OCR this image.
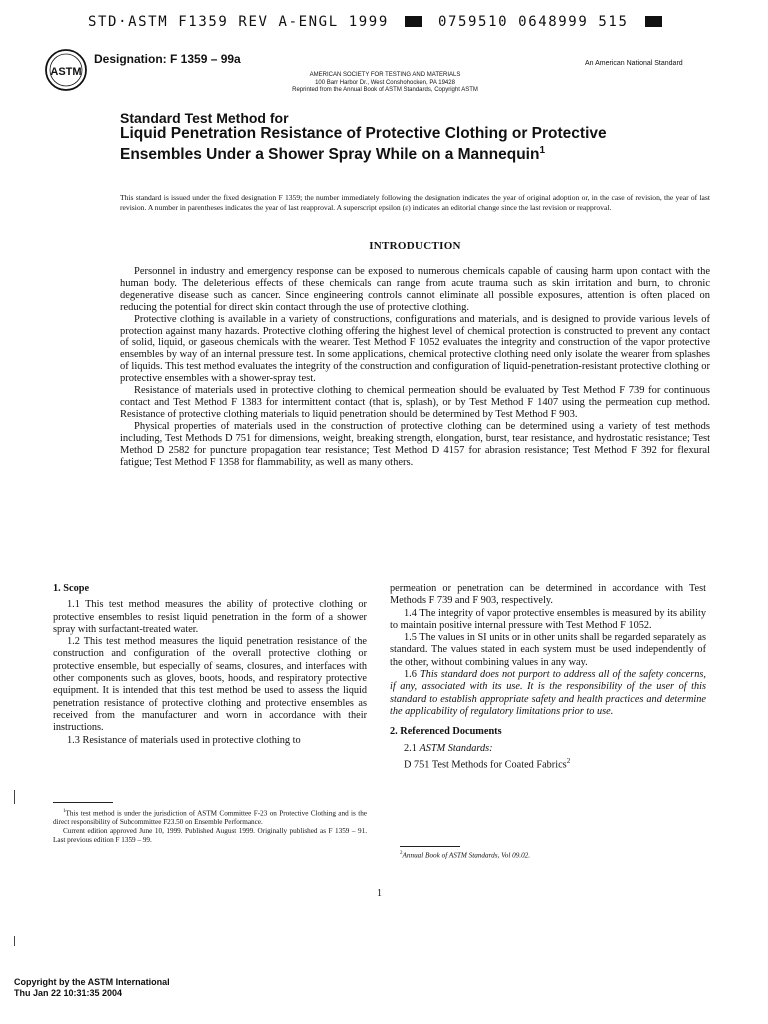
STD·ASTM F1359 REV A-ENGL 1999	0759510 0648999 515
ASTM
Designation: F 1359 – 99a	An American National Standard
AMERICAN SOCIETY FOR TESTING AND MATERIALS
100 Barr Harbor Dr., West Conshohocken, PA 19428
Reprinted from the Annual Book of ASTM Standards, Copyright ASTM
Standard Test Method for
Liquid Penetration Resistance of Protective Clothing or Protective Ensembles Under a Shower Spray While on a Mannequin$^1$
This standard is issued under the fixed designation F 1359; the number immediately following the designation indicates the year of original adoption or, in the case of revision, the year of last revision. A number in parentheses indicates the year of last reapproval. A superscript epsilon (ε) indicates an editorial change since the last revision or reapproval.
INTRODUCTION

Personnel in industry and emergency response can be exposed to numerous chemicals capable of causing harm upon contact with the human body. The deleterious effects of these chemicals can range from acute trauma such as skin irritation and burn, to chronic degenerative disease such as cancer. Since engineering controls cannot eliminate all possible exposures, attention is often placed on reducing the potential for direct skin contact through the use of protective clothing.

Protective clothing is available in a variety of constructions, configurations and materials, and is designed to provide various levels of protection against many hazards. Protective clothing offering the highest level of chemical protection is constructed to prevent any contact of solid, liquid, or gaseous chemicals with the wearer. Test Method F 1052 evaluates the integrity and construction of the vapor protective ensembles by way of an internal pressure test. In some applications, chemical protective clothing need only isolate the wearer from splashes of liquids. This test method evaluates the integrity of the construction and configuration of liquid-penetration-resistant protective clothing or protective ensembles with a shower-spray test.

Resistance of materials used in protective clothing to chemical permeation should be evaluated by Test Method F 739 for continuous contact and Test Method F 1383 for intermittent contact (that is, splash), or by Test Method F 1407 using the permeation cup method. Resistance of protective clothing materials to liquid penetration should be determined by Test Method F 903.

Physical properties of materials used in the construction of protective clothing can be determined using a variety of test methods including, Test Methods D 751 for dimensions, weight, breaking strength, elongation, burst, tear resistance, and hydrostatic resistance; Test Method D 2582 for puncture propagation tear resistance; Test Method D 4157 for abrasion resistance; Test Method F 392 for flexural fatigue; Test Method F 1358 for flammability, as well as many others.

1. Scope

1.1 This test method measures the ability of protective clothing or protective ensembles to resist liquid penetration in the form of a shower spray with surfactant-treated water.

1.2 This test method measures the liquid penetration resistance of the construction and configuration of the overall protective clothing or protective ensemble, but especially of seams, closures, and interfaces with other components such as gloves, boots, hoods, and respiratory protective equipment. It is intended that this test method be used to assess the liquid penetration resistance of protective clothing and protective ensembles as received from the manufacturer and worn in accordance with their instructions.

1.3 Resistance of materials used in protective clothing to

permeation or penetration can be determined in accordance with Test Methods F 739 and F 903, respectively.

1.4 The integrity of vapor protective ensembles is measured by its ability to maintain positive internal pressure with Test Method F 1052.

1.5 The values in SI units or in other units shall be regarded separately as standard. The values stated in each system must be used independently of the other, without combining values in any way.

1.6 This standard does not purport to address all of the safety concerns, if any, associated with its use. It is the responsibility of the user of this standard to establish appropriate safety and health practices and determine the applicability of regulatory limitations prior to use.

2. Referenced Documents

2.1 ASTM Standards:

D 751 Test Methods for Coated Fabrics$^2$

$^1$This test method is under the jurisdiction of ASTM Committee F-23 on Protective Clothing and is the direct responsibility of Subcommittee F23.50 on Ensemble Performance.

Current edition approved June 10, 1999. Published August 1999. Originally published as F 1359 – 91. Last previous edition F 1359 – 99.

$^2$Annual Book of ASTM Standards, Vol 09.02.
1
Copyright by the ASTM International
Thu Jan 22 10:31:35 2004
